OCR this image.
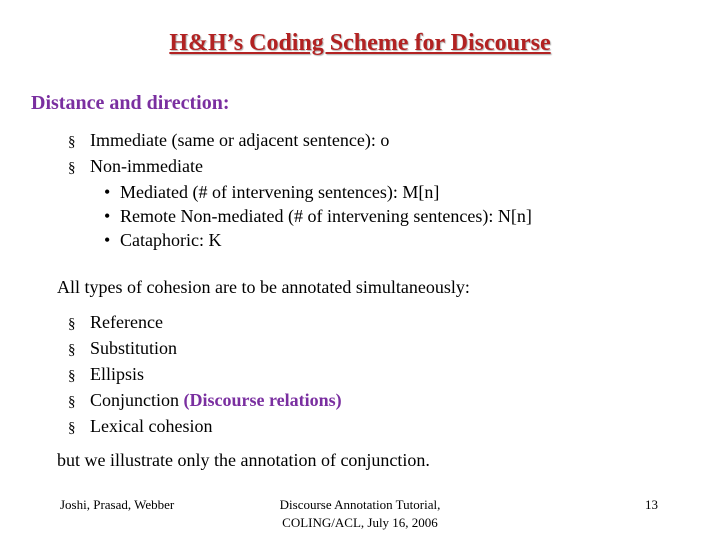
H&H’s Coding Scheme for Discourse
Distance and direction:
§ Immediate (same or adjacent sentence): o
§ Non-immediate
• Mediated (# of intervening sentences): M[n]
• Remote Non-mediated (# of intervening sentences): N[n]
• Cataphoric: K
All types of cohesion are to be annotated simultaneously:
§ Reference
§ Substitution
§ Ellipsis
§ Conjunction (Discourse relations)
§ Lexical cohesion
but we illustrate only the annotation of conjunction.
Joshi, Prasad, Webber	Discourse Annotation Tutorial,
COLING/ACL, July 16, 2006
13
